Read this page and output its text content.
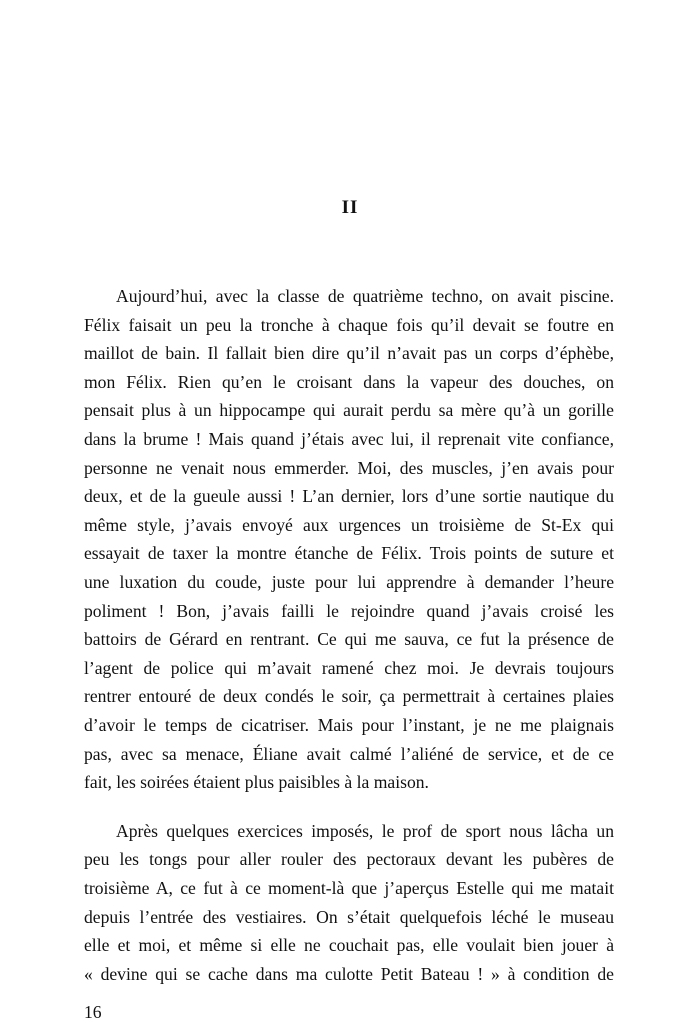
II
Aujourd’hui, avec la classe de quatrième techno, on avait piscine.
Félix faisait un peu la tronche à chaque fois qu’il devait se foutre en
maillot de bain. Il fallait bien dire qu’il n’avait pas un corps d’éphèbe,
mon Félix. Rien qu’en le croisant dans la vapeur des douches, on
pensait plus à un hippocampe qui aurait perdu sa mère qu’à un gorille
dans la brume ! Mais quand j’étais avec lui, il reprenait vite confiance,
personne ne venait nous emmerder. Moi, des muscles, j’en avais pour
deux, et de la gueule aussi ! L’an dernier, lors d’une sortie nautique du
même style, j’avais envoyé aux urgences un troisième de St-Ex qui
essayait de taxer la montre étanche de Félix. Trois points de suture et
une luxation du coude, juste pour lui apprendre à demander l’heure
poliment ! Bon, j’avais failli le rejoindre quand j’avais croisé les
battoirs de Gérard en rentrant. Ce qui me sauva, ce fut la présence de
l’agent de police qui m’avait ramené chez moi. Je devrais toujours
rentrer entouré de deux condés le soir, ça permettrait à certaines plaies
d’avoir le temps de cicatriser. Mais pour l’instant, je ne me plaignais
pas, avec sa menace, Éliane avait calmé l’aliéné de service, et de ce
fait, les soirées étaient plus paisibles à la maison.
Après quelques exercices imposés, le prof de sport nous lâcha un
peu les tongs pour aller rouler des pectoraux devant les pubères de
troisième A, ce fut à ce moment-là que j’aperçus Estelle qui me matait
depuis l’entrée des vestiaires. On s’était quelquefois léché le museau
elle et moi, et même si elle ne couchait pas, elle voulait bien jouer à
« devine qui se cache dans ma culotte Petit Bateau ! » à condition de
16
